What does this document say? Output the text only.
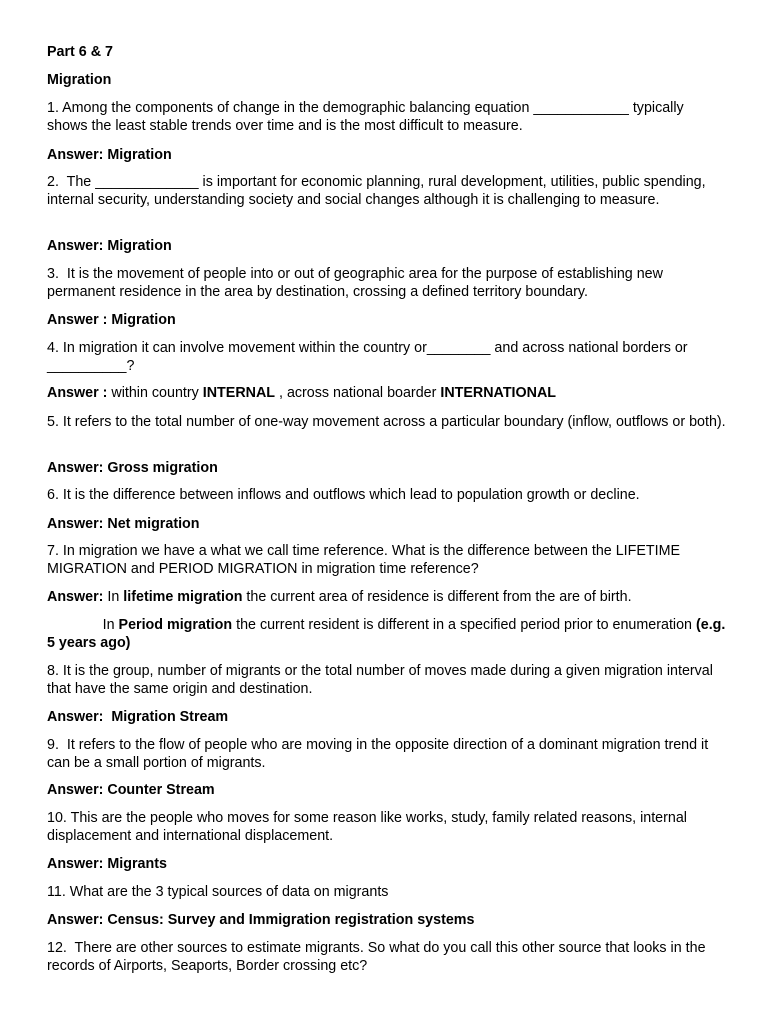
Part 6 & 7

Migration

1. Among the components of change in the demographic balancing equation ____________ typically shows the least stable trends over time and is the most difficult to measure.

Answer: Migration

2.  The _____________ is important for economic planning, rural development, utilities, public spending, internal security, understanding society and social changes although it is challenging to measure.

Answer: Migration

3.  It is the movement of people into or out of geographic area for the purpose of establishing new permanent residence in the area by destination, crossing a defined territory boundary.

Answer : Migration

4. In migration it can involve movement within the country or________ and across national borders or __________?

Answer : within country INTERNAL , across national boarder INTERNATIONAL

5. It refers to the total number of one-way movement across a particular boundary (inflow, outflows or both).

Answer: Gross migration

6. It is the difference between inflows and outflows which lead to population growth or decline.

Answer: Net migration

7. In migration we have a what we call time reference. What is the difference between the LIFETIME MIGRATION and PERIOD MIGRATION in migration time reference?

Answer: In lifetime migration the current area of residence is different from the are of birth.

In Period migration the current resident is different in a specified period prior to enumeration (e.g. 5 years ago)

8. It is the group, number of migrants or the total number of moves made during a given migration interval that have the same origin and destination.

Answer:  Migration Stream

9.  It refers to the flow of people who are moving in the opposite direction of a dominant migration trend it can be a small portion of migrants.

Answer: Counter Stream

10. This are the people who moves for some reason like works, study, family related reasons, internal displacement and international displacement.

Answer: Migrants

11. What are the 3 typical sources of data on migrants

Answer: Census: Survey and Immigration registration systems

12.  There are other sources to estimate migrants. So what do you call this other source that looks in the records of Airports, Seaports, Border crossing etc?
